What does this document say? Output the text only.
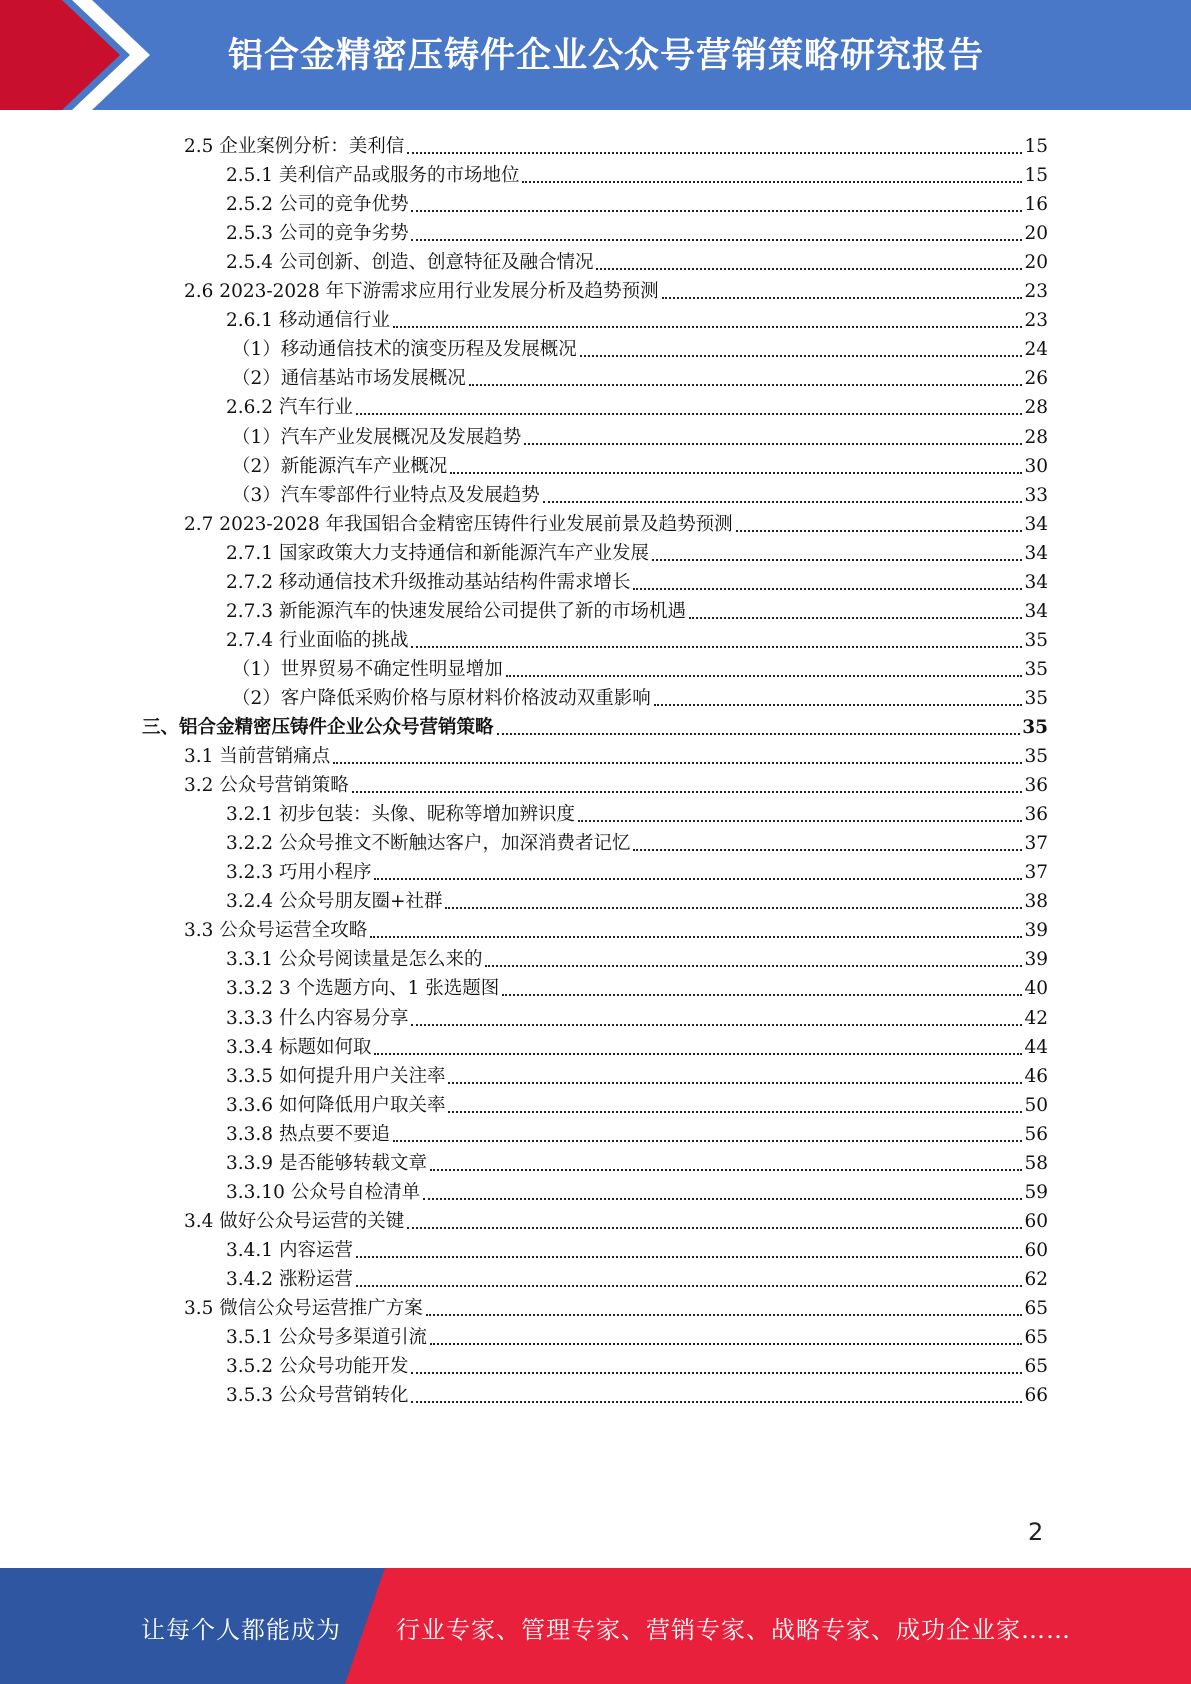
铝合金精密压铸件企业公众号营销策略研究报告
2.5 企业案例分析：美利信	15
2.5.1 美利信产品或服务的市场地位	15
2.5.2 公司的竞争优势	16
2.5.3 公司的竞争劣势	20
2.5.4 公司创新、创造、创意特征及融合情况	20
2.6 2023-2028 年下游需求应用行业发展分析及趋势预测	23
2.6.1 移动通信行业	23
（1）移动通信技术的演变历程及发展概况	24
（2）通信基站市场发展概况	26
2.6.2 汽车行业	28
（1）汽车产业发展概况及发展趋势	28
（2）新能源汽车产业概况	30
（3）汽车零部件行业特点及发展趋势	33
2.7 2023-2028 年我国铝合金精密压铸件行业发展前景及趋势预测	34
2.7.1 国家政策大力支持通信和新能源汽车产业发展	34
2.7.2 移动通信技术升级推动基站结构件需求增长	34
2.7.3 新能源汽车的快速发展给公司提供了新的市场机遇	34
2.7.4 行业面临的挑战	35
（1）世界贸易不确定性明显增加	35
（2）客户降低采购价格与原材料价格波动双重影响	35
三、铝合金精密压铸件企业公众号营销策略	35
3.1 当前营销痛点	35
3.2 公众号营销策略	36
3.2.1 初步包装：头像、昵称等增加辨识度	36
3.2.2 公众号推文不断触达客户，加深消费者记忆	37
3.2.3 巧用小程序	37
3.2.4 公众号朋友圈+社群	38
3.3 公众号运营全攻略	39
3.3.1 公众号阅读量是怎么来的	39
3.3.2 3 个选题方向、1 张选题图	40
3.3.3 什么内容易分享	42
3.3.4 标题如何取	44
3.3.5 如何提升用户关注率	46
3.3.6 如何降低用户取关率	50
3.3.8 热点要不要追	56
3.3.9 是否能够转载文章	58
3.3.10 公众号自检清单	59
3.4 做好公众号运营的关键	60
3.4.1 内容运营	60
3.4.2 涨粉运营	62
3.5 微信公众号运营推广方案	65
3.5.1 公众号多渠道引流	65
3.5.2 公众号功能开发	65
3.5.3 公众号营销转化	66
2
让每个人都能成为 行业专家、管理专家、营销专家、战略专家、成功企业家……
